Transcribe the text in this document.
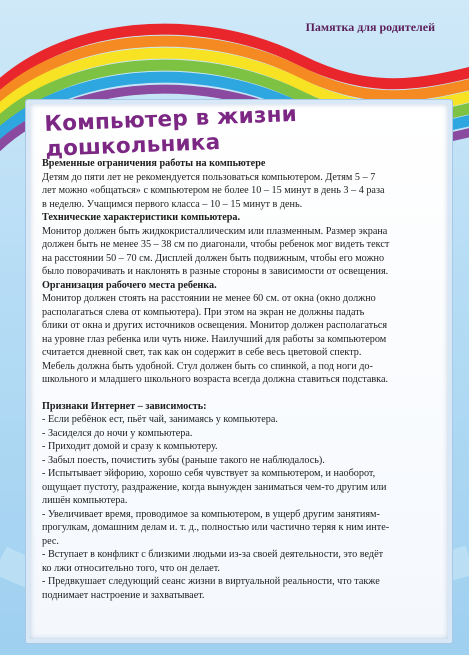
Памятка для родителей
Компьютер в жизни дошкольника

Временные ограничения работы на компьютере

Детям до пяти лет не рекомендуется пользоваться компьютером. Детям 5 – 7

лет можно «общаться» с компьютером не более 10 – 15 минут в день 3 – 4 раза

в неделю. Учащимся первого класса – 10 – 15 минут в день.

Технические характеристики компьютера.

Монитор должен быть жидкокристаллическим или плазменным. Размер экрана

должен быть не менее 35 – 38 см по диагонали, чтобы ребенок мог видеть текст

на расстоянии 50 – 70 см. Дисплей должен быть подвижным, чтобы его можно

было поворачивать и наклонять в разные стороны в зависимости от освещения.

Организация рабочего места ребенка.

Монитор должен стоять на расстоянии не менее 60 см. от окна (окно должно

располагаться слева от компьютера). При этом на экран не должны падать

блики от окна и других источников освещения. Монитор должен располагаться

на уровне глаз ребенка или чуть ниже. Наилучший для работы за компьютером

считается дневной свет, так как он содержит в себе весь цветовой спектр.

Мебель должна быть удобной. Стул должен быть со спинкой, а под ноги до-

школьного и младшего школьного возраста всегда должна ставиться подставка.

Признаки Интернет – зависимость:

- Если ребёнок ест, пьёт чай, занимаясь у компьютера.

- Засиделся до ночи у компьютера.

- Приходит домой и сразу к компьютеру.

- Забыл поесть, почистить зубы (раньше такого не наблюдалось).

- Испытывает эйфорию, хорошо себя чувствует за компьютером, и наоборот,

ощущает пустоту, раздражение, когда вынужден заниматься чем-то другим или

лишён компьютера.

- Увеличивает время, проводимое за компьютером, в ущерб другим занятиям-

прогулкам, домашним делам и. т. д., полностью или частично теряя к ним инте-

рес.

- Вступает в конфликт с близкими людьми из-за своей деятельности, это ведёт

ко лжи относительно того, что он делает.

- Предвкушает следующий сеанс жизни в виртуальной реальности, что также

поднимает настроение и захватывает.
